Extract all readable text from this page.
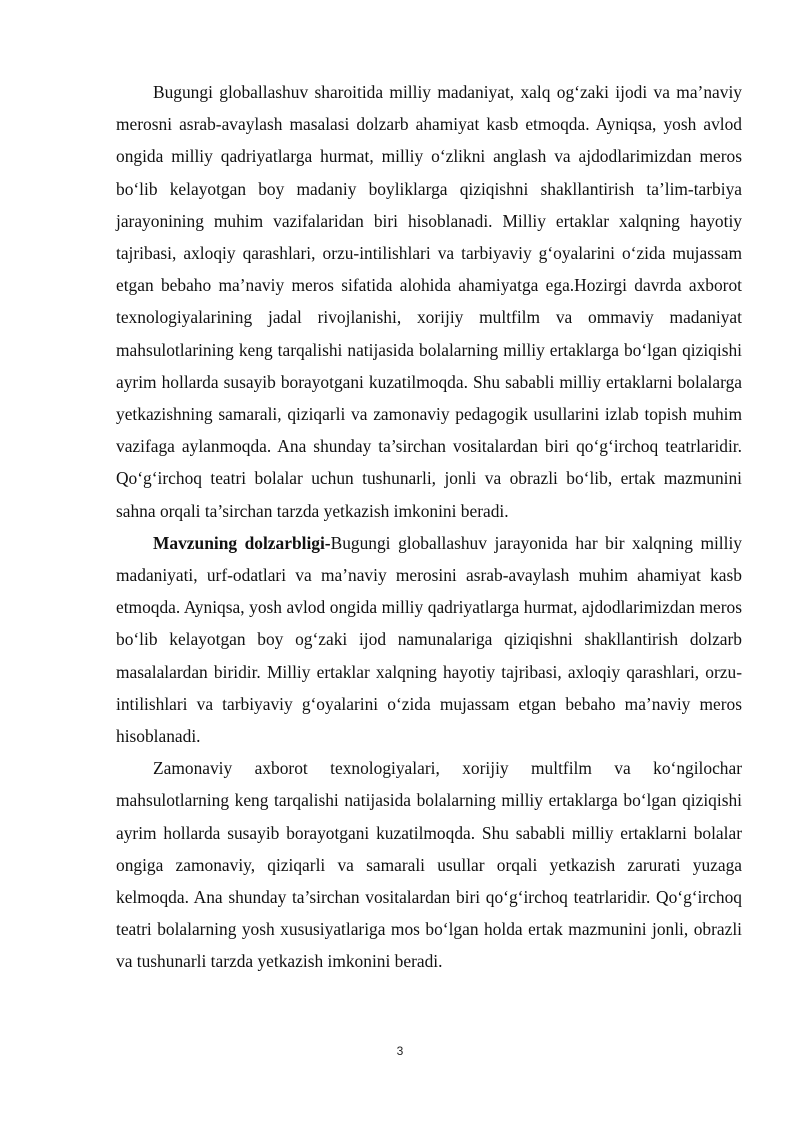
Bugungi globallashuv sharoitida milliy madaniyat, xalq og‘zaki ijodi va ma’naviy merosni asrab-avaylash masalasi dolzarb ahamiyat kasb etmoqda. Ayniqsa, yosh avlod ongida milliy qadriyatlarga hurmat, milliy o‘zlikni anglash va ajdodlarimizdan meros bo‘lib kelayotgan boy madaniy boyliklarga qiziqishni shakllantirish ta’lim-tarbiya jarayonining muhim vazifalaridan biri hisoblanadi. Milliy ertaklar xalqning hayotiy tajribasi, axloqiy qarashlari, orzu-intilishlari va tarbiyaviy g‘oyalarini o‘zida mujassam etgan bebaho ma’naviy meros sifatida alohida ahamiyatga ega.Hozirgi davrda axborot texnologiyalarining jadal rivojlanishi, xorijiy multfilm va ommaviy madaniyat mahsulotlarining keng tarqalishi natijasida bolalarning milliy ertaklarga bo‘lgan qiziqishi ayrim hollarda susayib borayotgani kuzatilmoqda. Shu sababli milliy ertaklarni bolalarga yetkazishning samarali, qiziqarli va zamonaviy pedagogik usullarini izlab topish muhim vazifaga aylanmoqda. Ana shunday ta’sirchan vositalardan biri qo‘g‘irchoq teatrlaridir. Qo‘g‘irchoq teatri bolalar uchun tushunarli, jonli va obrazli bo‘lib, ertak mazmunini sahna orqali ta’sirchan tarzda yetkazish imkonini beradi.

Mavzuning dolzarbligi-Bugungi globallashuv jarayonida har bir xalqning milliy madaniyati, urf-odatlari va ma’naviy merosini asrab-avaylash muhim ahamiyat kasb etmoqda. Ayniqsa, yosh avlod ongida milliy qadriyatlarga hurmat, ajdodlarimizdan meros bo‘lib kelayotgan boy og‘zaki ijod namunalariga qiziqishni shakllantirish dolzarb masalalardan biridir. Milliy ertaklar xalqning hayotiy tajribasi, axloqiy qarashlari, orzu-intilishlari va tarbiyaviy g‘oyalarini o‘zida mujassam etgan bebaho ma’naviy meros hisoblanadi.

Zamonaviy axborot texnologiyalari, xorijiy multfilm va ko‘ngilochar mahsulotlarning keng tarqalishi natijasida bolalarning milliy ertaklarga bo‘lgan qiziqishi ayrim hollarda susayib borayotgani kuzatilmoqda. Shu sababli milliy ertaklarni bolalar ongiga zamonaviy, qiziqarli va samarali usullar orqali yetkazish zarurati yuzaga kelmoqda. Ana shunday ta’sirchan vositalardan biri qo‘g‘irchoq teatrlaridir. Qo‘g‘irchoq teatri bolalarning yosh xususiyatlariga mos bo‘lgan holda ertak mazmunini jonli, obrazli va tushunarli tarzda yetkazish imkonini beradi.

3
